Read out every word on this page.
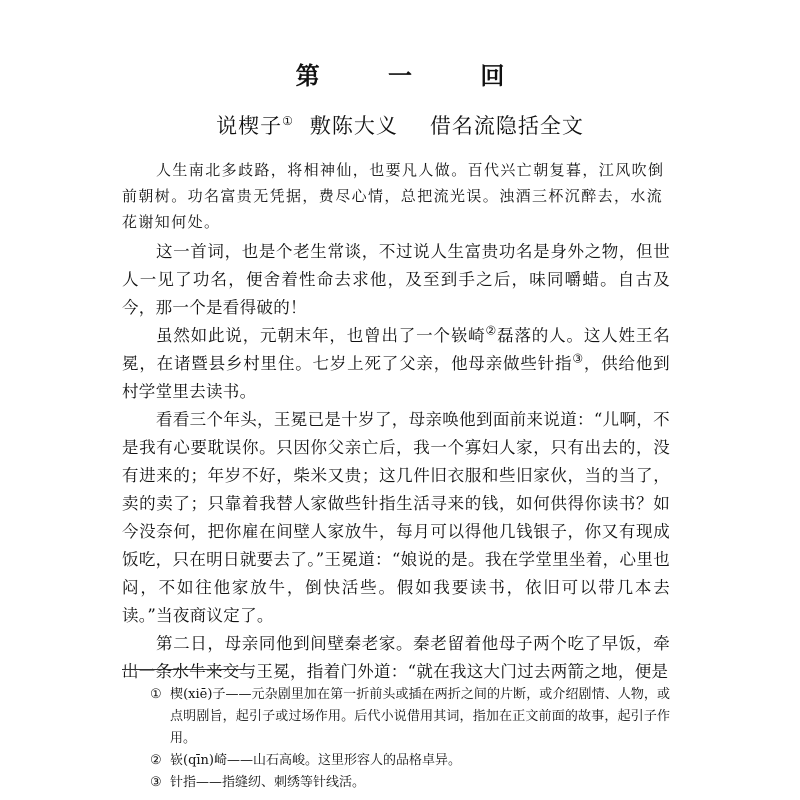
第 一 回
说楔子① 敷陈大义 借名流隐括全文

人生南北多歧路，将相神仙，也要凡人做。百代兴亡朝复暮，江风吹倒前朝树。功名富贵无凭据，费尽心情，总把流光误。浊酒三杯沉醉去，水流花谢知何处。

这一首词，也是个老生常谈，不过说人生富贵功名是身外之物，但世人一见了功名，便舍着性命去求他，及至到手之后，味同嚼蜡。自古及今，那一个是看得破的！

虽然如此说，元朝末年，也曾出了一个嵚崎②磊落的人。这人姓王名冕，在诸暨县乡村里住。七岁上死了父亲，他母亲做些针指③，供给他到村学堂里去读书。

看看三个年头，王冕已是十岁了，母亲唤他到面前来说道：“儿啊，不是我有心要耽误你。只因你父亲亡后，我一个寡妇人家，只有出去的，没有进来的；年岁不好，柴米又贵；这几件旧衣服和些旧家伙，当的当了，卖的卖了；只靠着我替人家做些针指生活寻来的钱，如何供得你读书？如今没奈何，把你雇在间壁人家放牛，每月可以得他几钱银子，你又有现成饭吃，只在明日就要去了。”王冕道：“娘说的是。我在学堂里坐着，心里也闷，不如往他家放牛，倒快活些。假如我要读书，依旧可以带几本去读。”当夜商议定了。

第二日，母亲同他到间壁秦老家。秦老留着他母子两个吃了早饭，牵出一条水牛来交与王冕，指着门外道：“就在我这大门过去两箭之地，便是

① 楔(xiē)子——元杂剧里加在第一折前头或插在两折之间的片断，或介绍剧情、人物，或点明剧旨，起引子或过场作用。后代小说借用其词，指加在正文前面的故事，起引子作用。
② 嵚(qīn)崎——山石高峻。这里形容人的品格卓异。
③ 针指——指缝纫、刺绣等针线活。
